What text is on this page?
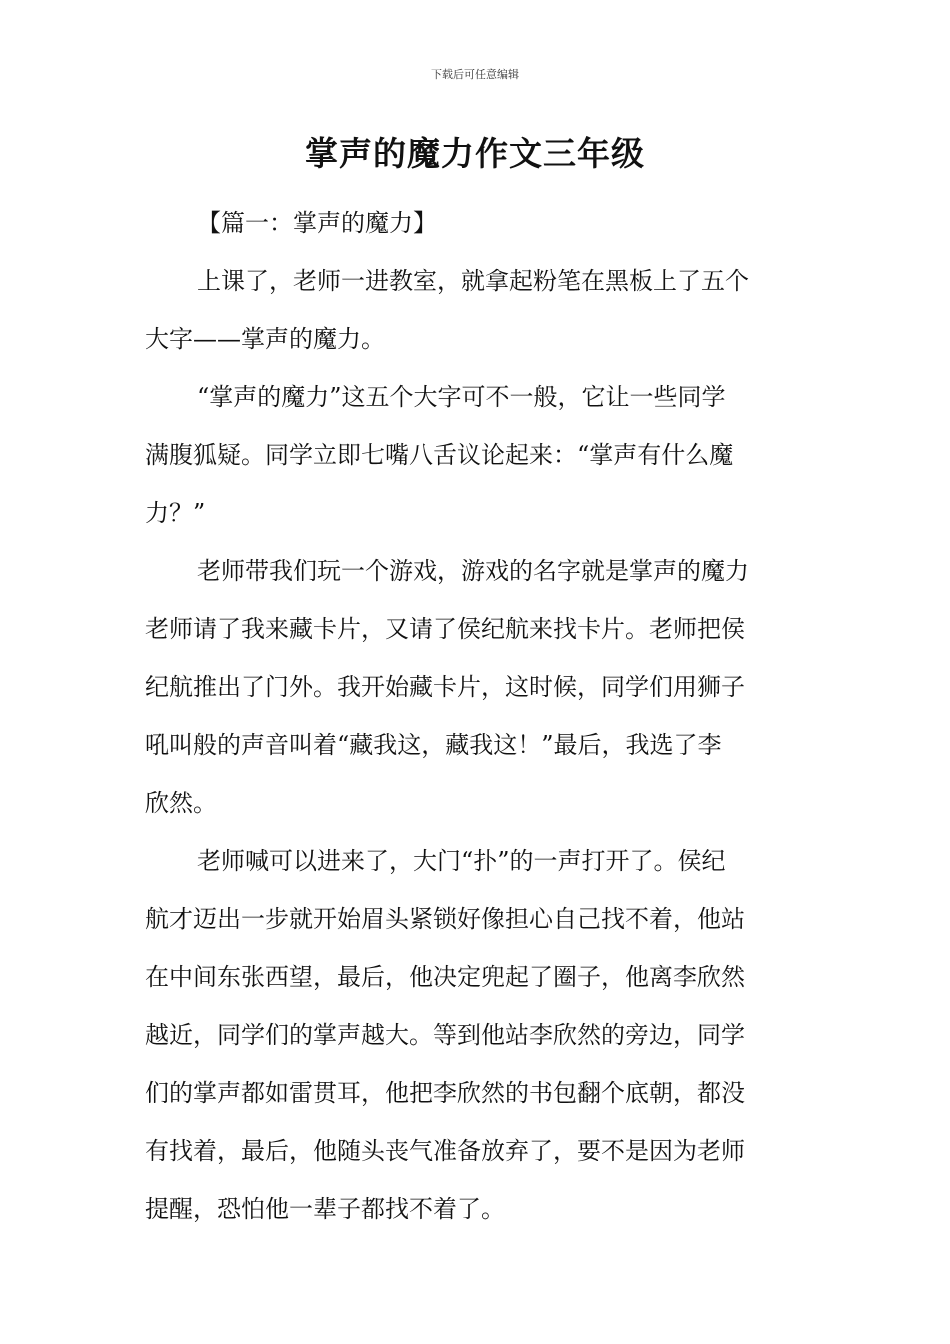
下载后可任意编辑
掌声的魔力作文三年级
【篇一：掌声的魔力】

上课了，老师一进教室，就拿起粉笔在黑板上了五个
大字——掌声的魔力。

“掌声的魔力”这五个大字可不一般，它让一些同学
满腹狐疑。同学立即七嘴八舌议论起来：“掌声有什么魔
力？”

老师带我们玩一个游戏，游戏的名字就是掌声的魔力
老师请了我来藏卡片，又请了侯纪航来找卡片。老师把侯
纪航推出了门外。我开始藏卡片，这时候，同学们用狮子
吼叫般的声音叫着“藏我这，藏我这！”最后，我选了李
欣然。

老师喊可以进来了，大门“扑”的一声打开了。侯纪
航才迈出一步就开始眉头紧锁好像担心自己找不着，他站
在中间东张西望，最后，他决定兜起了圈子，他离李欣然
越近，同学们的掌声越大。等到他站李欣然的旁边，同学
们的掌声都如雷贯耳，他把李欣然的书包翻个底朝，都没
有找着，最后，他随头丧气准备放弃了，要不是因为老师
提醒，恐怕他一辈子都找不着了。
